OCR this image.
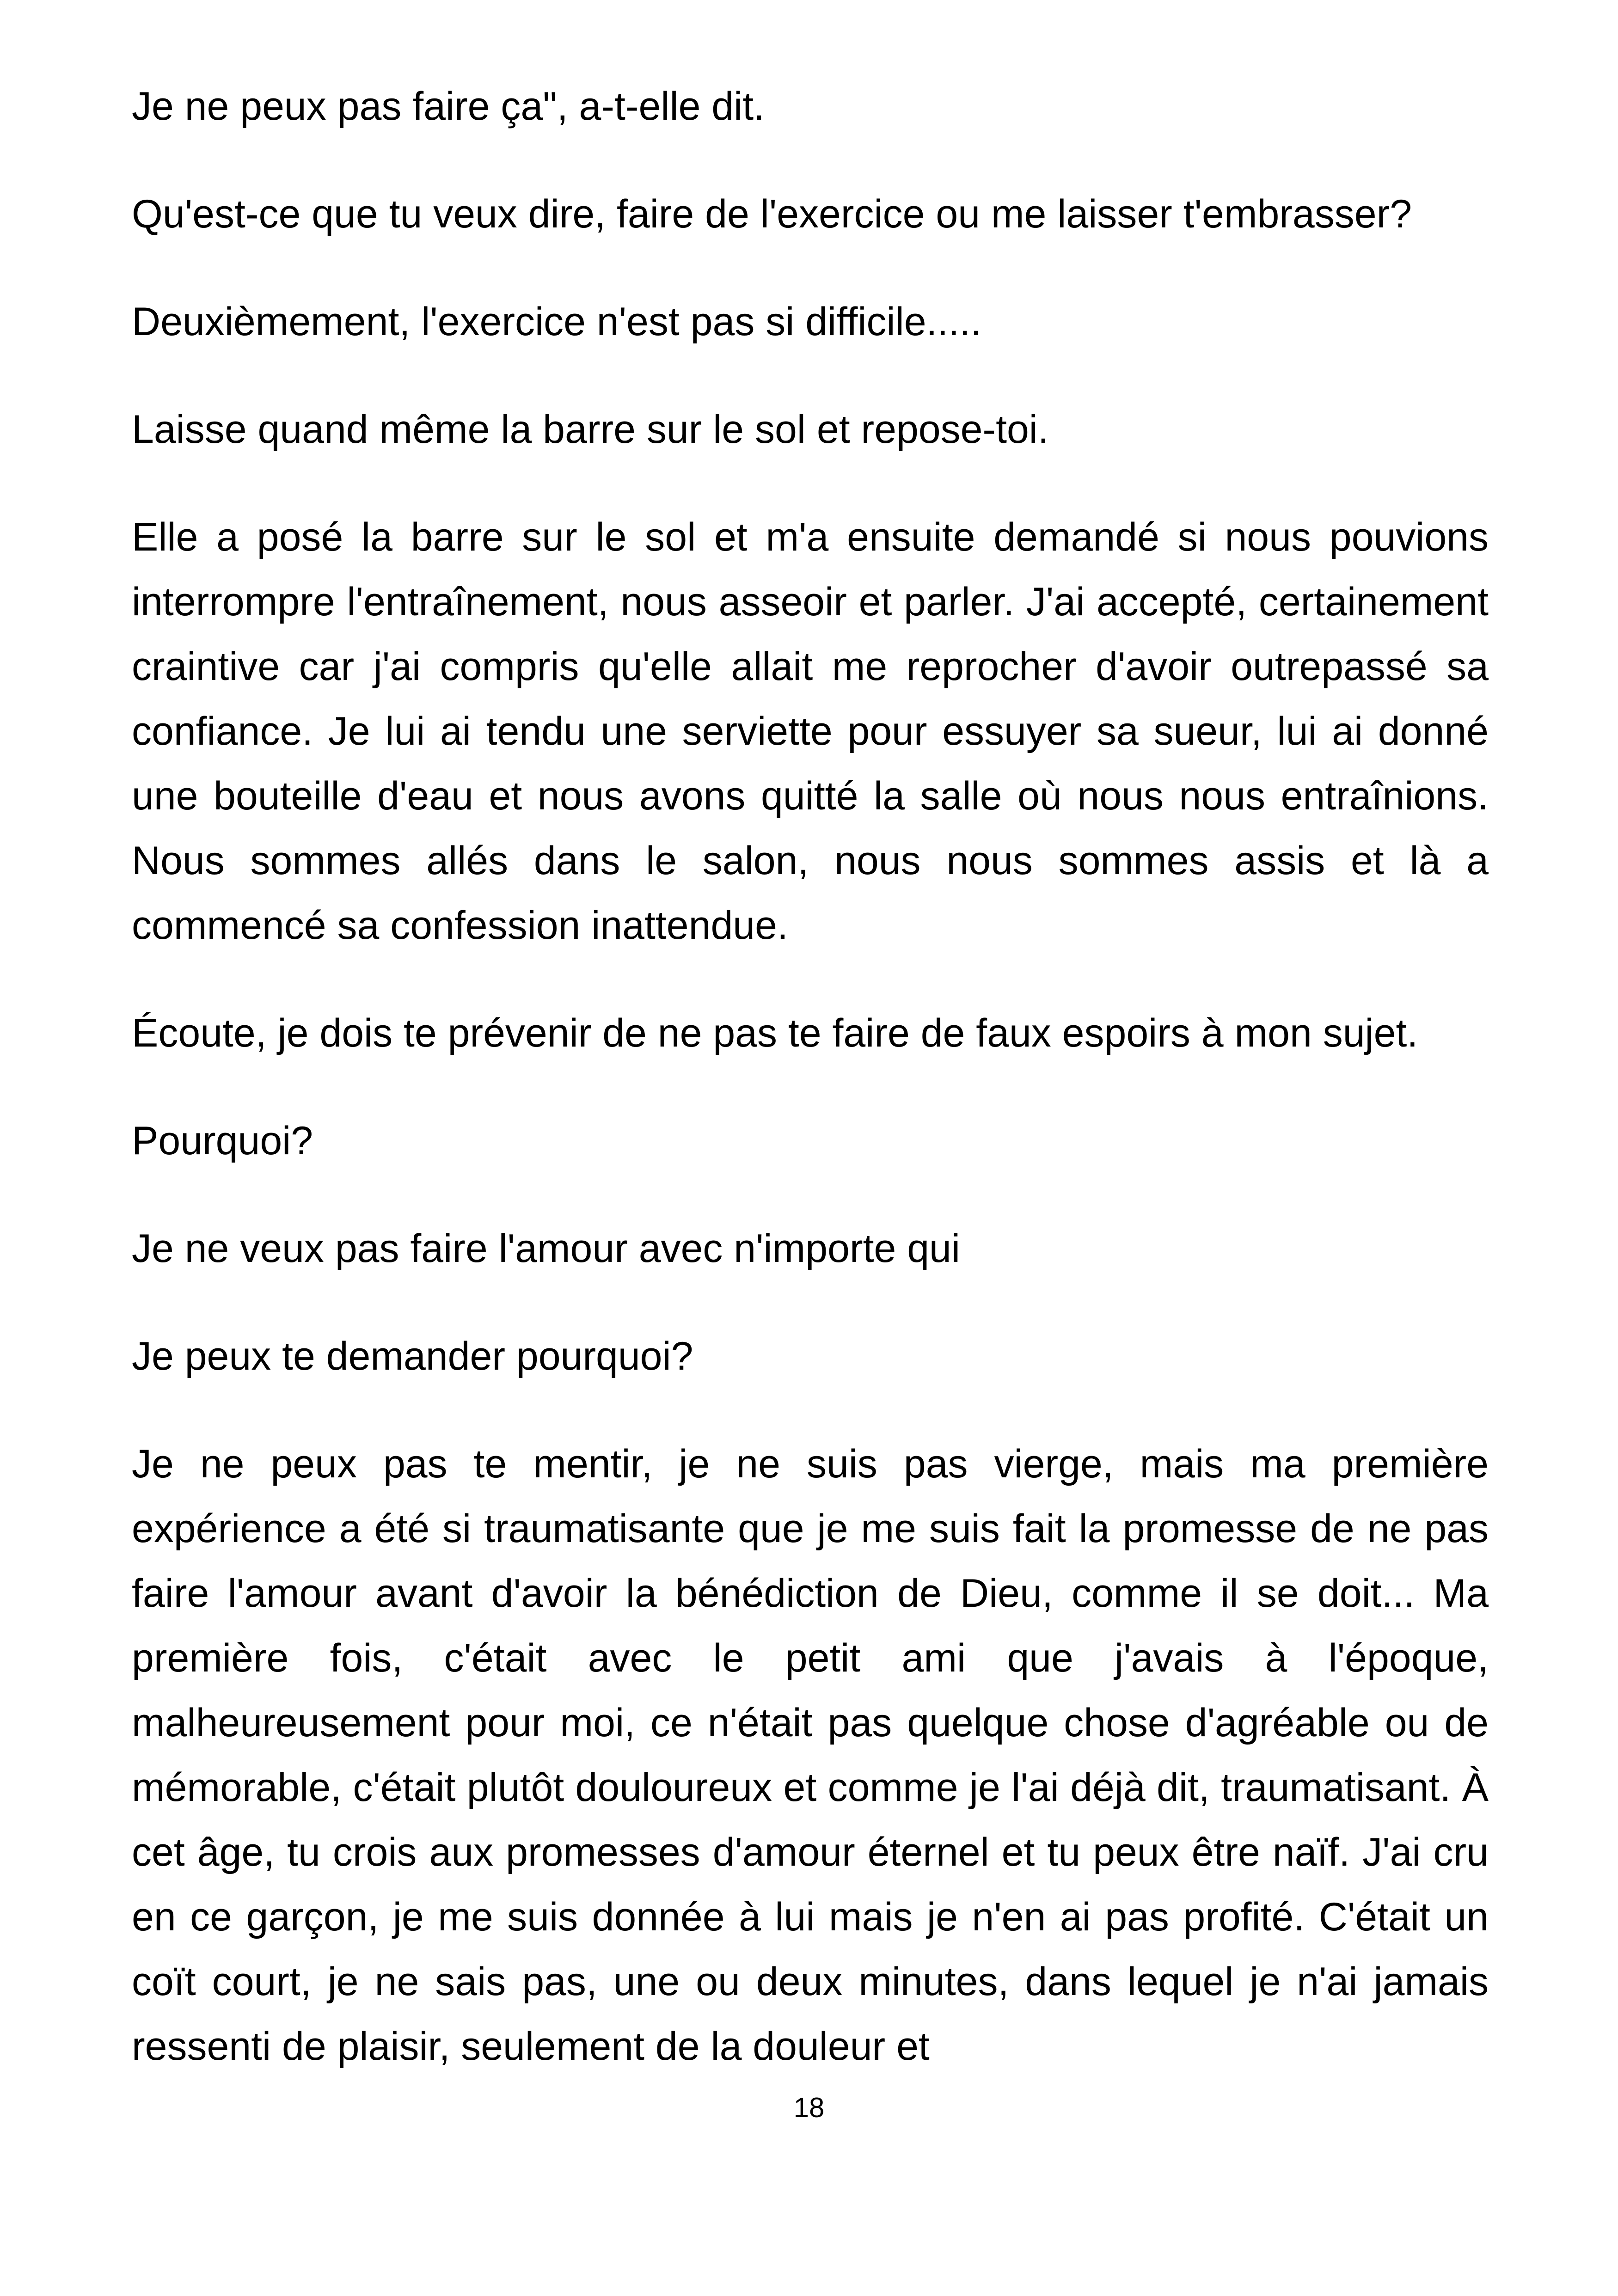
Je ne peux pas faire ça", a-t-elle dit.

Qu'est-ce que tu veux dire, faire de l'exercice ou me laisser t'embrasser?

Deuxièmement, l'exercice n'est pas si difficile.....

Laisse quand même la barre sur le sol et repose-toi.

Elle a posé la barre sur le sol et m'a ensuite demandé si nous pouvions interrompre l'entraînement, nous asseoir et parler. J'ai accepté, certainement craintive car j'ai compris qu'elle allait me reprocher d'avoir outrepassé sa confiance. Je lui ai tendu une serviette pour essuyer sa sueur, lui ai donné une bouteille d'eau et nous avons quitté la salle où nous nous entraînions. Nous sommes allés dans le salon, nous nous sommes assis et là a commencé sa confession inattendue.

Écoute, je dois te prévenir de ne pas te faire de faux espoirs à mon sujet.

Pourquoi?

Je ne veux pas faire l'amour avec n'importe qui

Je peux te demander pourquoi?

Je ne peux pas te mentir, je ne suis pas vierge, mais ma première expérience a été si traumatisante que je me suis fait la promesse de ne pas faire l'amour avant d'avoir la bénédiction de Dieu, comme il se doit... Ma première fois, c'était avec le petit ami que j'avais à l'époque, malheureusement pour moi, ce n'était pas quelque chose d'agréable ou de mémorable, c'était plutôt douloureux et comme je l'ai déjà dit, traumatisant. À cet âge, tu crois aux promesses d'amour éternel et tu peux être naïf. J'ai cru en ce garçon, je me suis donnée à lui mais je n'en ai pas profité. C'était un coït court, je ne sais pas, une ou deux minutes, dans lequel je n'ai jamais ressenti de plaisir, seulement de la douleur et

18
